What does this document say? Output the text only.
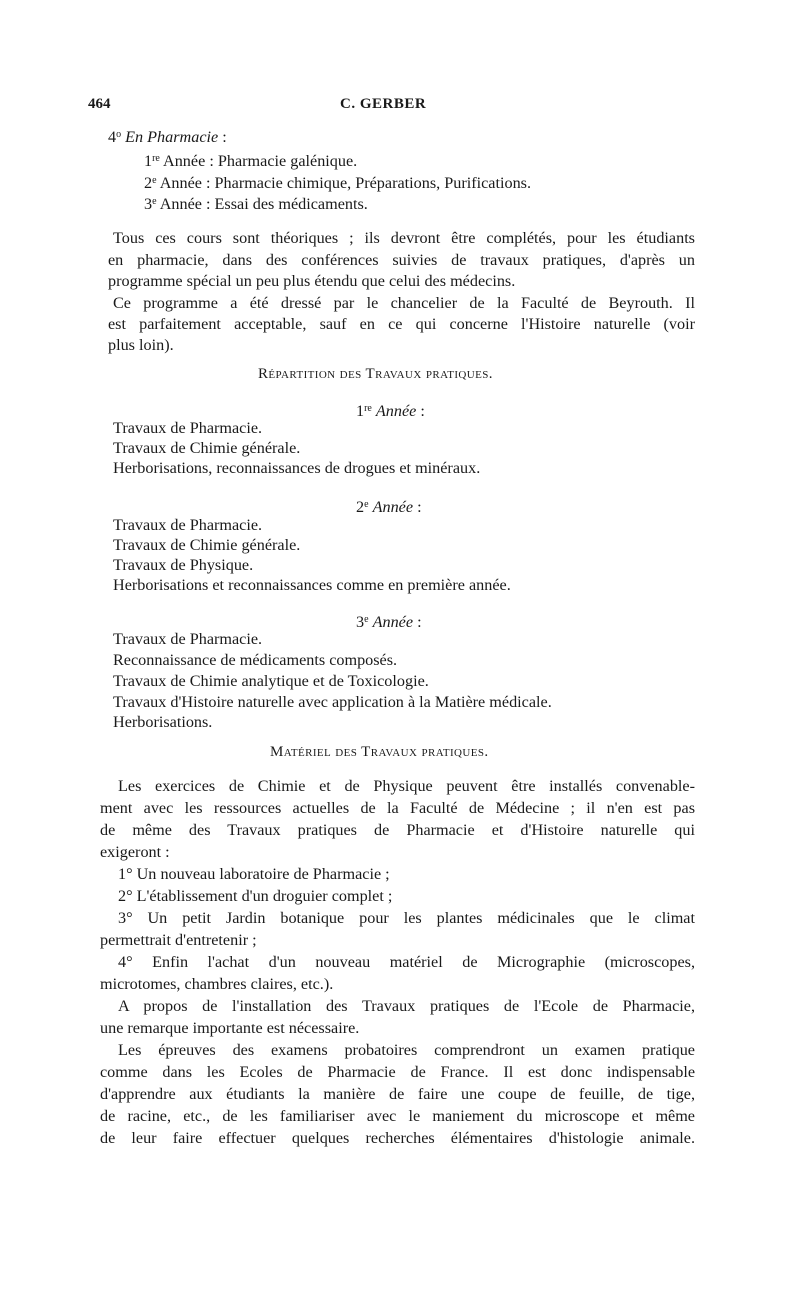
464	C. GERBER
4$^o$ En Pharmacie :
1re Année : Pharmacie galénique.
2e Année : Pharmacie chimique, Préparations, Purifications.
3e Année : Essai des médicaments.
Tous ces cours sont théoriques ; ils devront être complétés, pour les étudiants
en pharmacie, dans des conférences suivies de travaux pratiques, d'après un
programme spécial un peu plus étendu que celui des médecins.
Ce programme a été dressé par le chancelier de la Faculté de Beyrouth. Il
est parfaitement acceptable, sauf en ce qui concerne l'Histoire naturelle (voir
plus loin).
Répartition des Travaux pratiques.
1re Année :
Travaux de Pharmacie.
Travaux de Chimie générale.
Herborisations, reconnaissances de drogues et minéraux.
2e Année :
Travaux de Pharmacie.
Travaux de Chimie générale.
Travaux de Physique.
Herborisations et reconnaissances comme en première année.
3e Année :
Travaux de Pharmacie.
Reconnaissance de médicaments composés.
Travaux de Chimie analytique et de Toxicologie.
Travaux d'Histoire naturelle avec application à la Matière médicale.
Herborisations.
Matériel des Travaux pratiques.
Les exercices de Chimie et de Physique peuvent être installés convenable-
ment avec les ressources actuelles de la Faculté de Médecine ; il n'en est pas
de même des Travaux pratiques de Pharmacie et d'Histoire naturelle qui
exigeront :
1° Un nouveau laboratoire de Pharmacie ;
2° L'établissement d'un droguier complet ;
3° Un petit Jardin botanique pour les plantes médicinales que le climat
permettrait d'entretenir ;
4° Enfin l'achat d'un nouveau matériel de Micrographie (microscopes,
microtomes, chambres claires, etc.).
A propos de l'installation des Travaux pratiques de l'Ecole de Pharmacie,
une remarque importante est nécessaire.
Les épreuves des examens probatoires comprendront un examen pratique
comme dans les Ecoles de Pharmacie de France. Il est donc indispensable
d'apprendre aux étudiants la manière de faire une coupe de feuille, de tige,
de racine, etc., de les familiariser avec le maniement du microscope et même
de leur faire effectuer quelques recherches élémentaires d'histologie animale.
